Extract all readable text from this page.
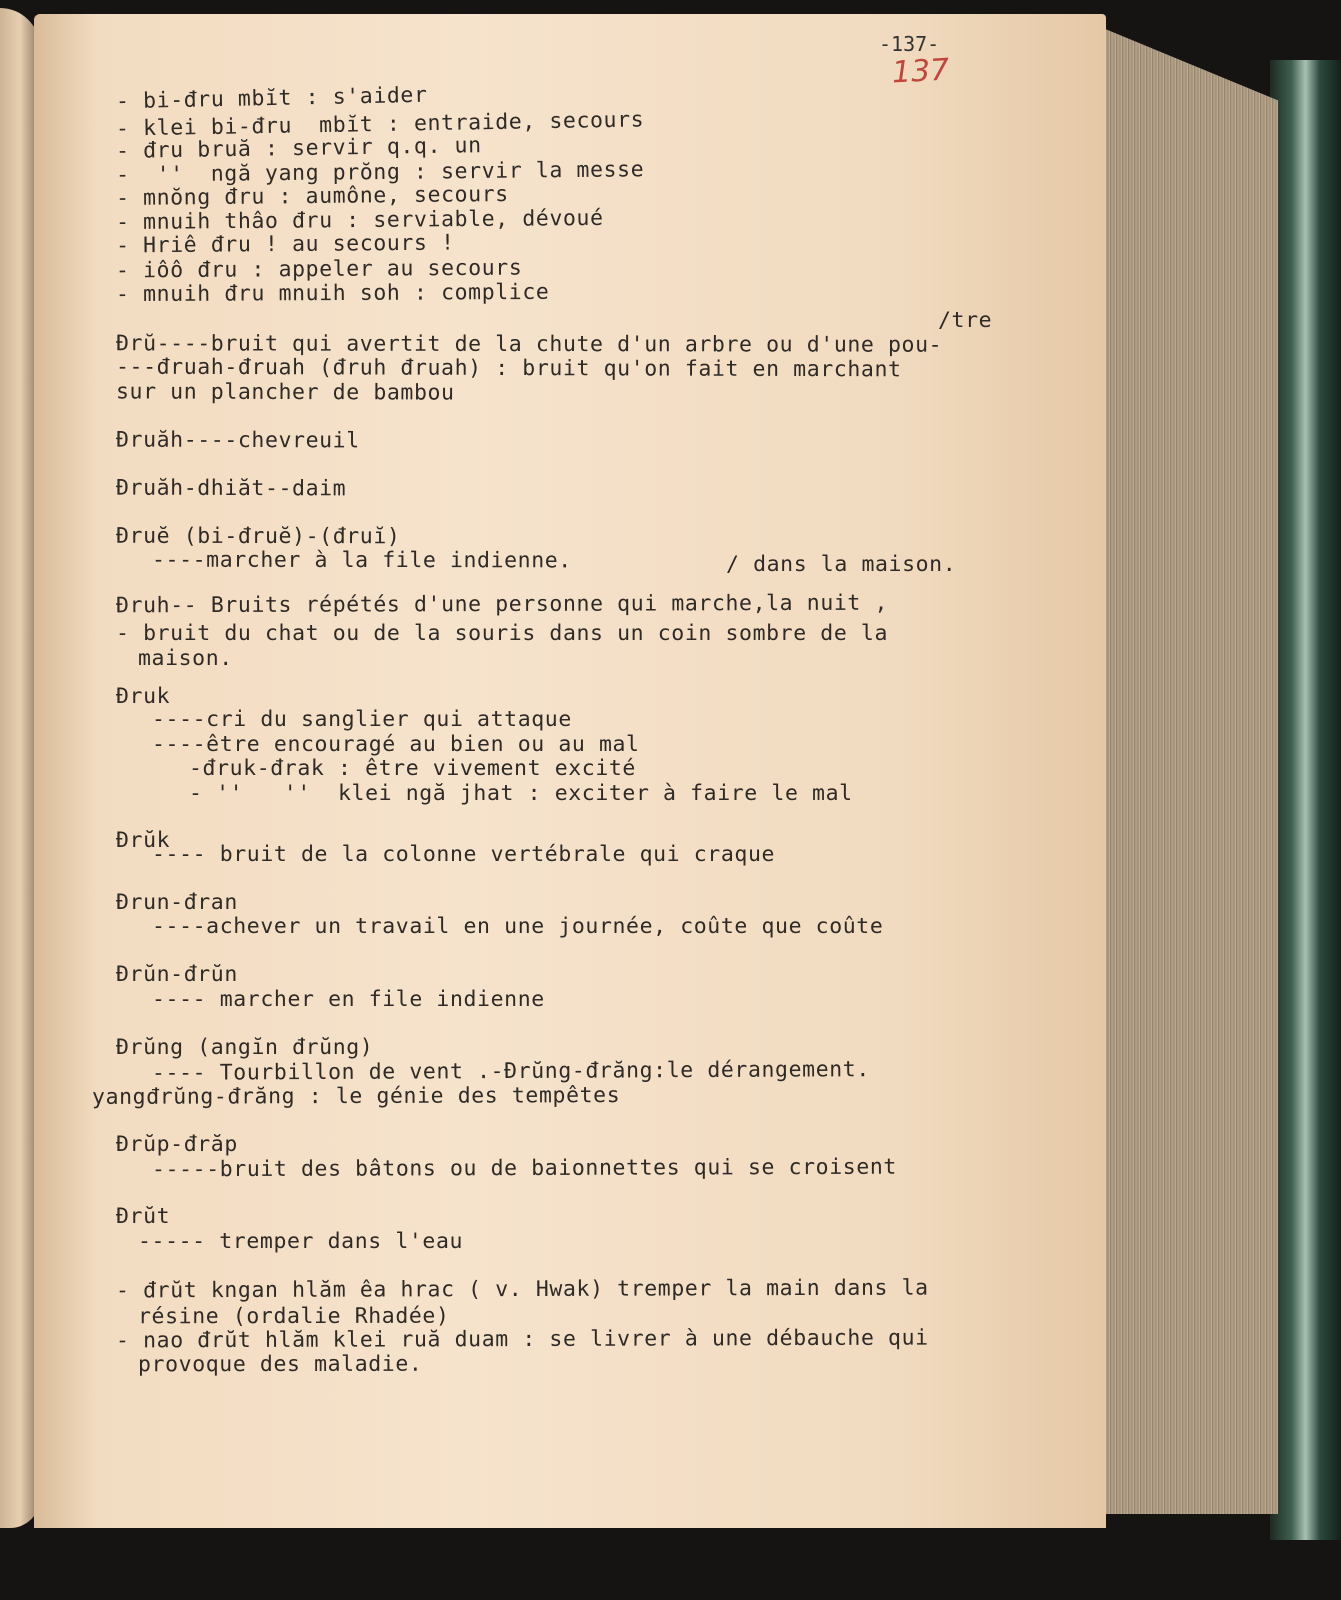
-137-
137
- bi-đru mbĭt : s'aider
- klei bi-đru  mbĭt : entraide, secours
- đru bruă : servir q.q. un
-  ''  ngă yang prŏng : servir la messe
- mnŏng đru : aumône, secours
- mnuih thâo đru : serviable, dévoué
- Hriê đru ! au secours !
- iôô đru : appeler au secours
- mnuih đru mnuih soh : complice
/tre
Đrŭ----bruit qui avertit de la chute d'un arbre ou d'une pou-
---đruah-đruah (đruh đruah) : bruit qu'on fait en marchant
sur un plancher de bambou
Đruăh----chevreuil
Đruăh-dhiăt--daim
Đruĕ (bi-đruĕ)-(đruĭ)
----marcher à la file indienne.	/ dans la maison.
Đruh-- Bruits répétés d'une personne qui marche,la nuit ,
- bruit du chat ou de la souris dans un coin sombre de la
maison.
Đruk
----cri du sanglier qui attaque
----être encouragé au bien ou au mal
-đruk-đrak : être vivement excité
- ''   ''  klei ngă jhat : exciter à faire le mal
Đrŭk
---- bruit de la colonne vertébrale qui craque
Đrun-đran
----achever un travail en une journée, coûte que coûte
Đrŭn-đrŭn
---- marcher en file indienne
Đrŭng (angĭn đrŭng)
---- Tourbillon de vent .-Đrŭng-đrăng:le dérangement.
yangđrŭng-đrăng : le génie des tempêtes
Đrŭp-đrăp
-----bruit des bâtons ou de baionnettes qui se croisent
Đrŭt
----- tremper dans l'eau
- đrŭt kngan hlăm êa hrac ( v. Hwak) tremper la main dans la
résine (ordalie Rhadée)
- nao đrŭt hlăm klei ruă duam : se livrer à une débauche qui
provoque des maladie.
